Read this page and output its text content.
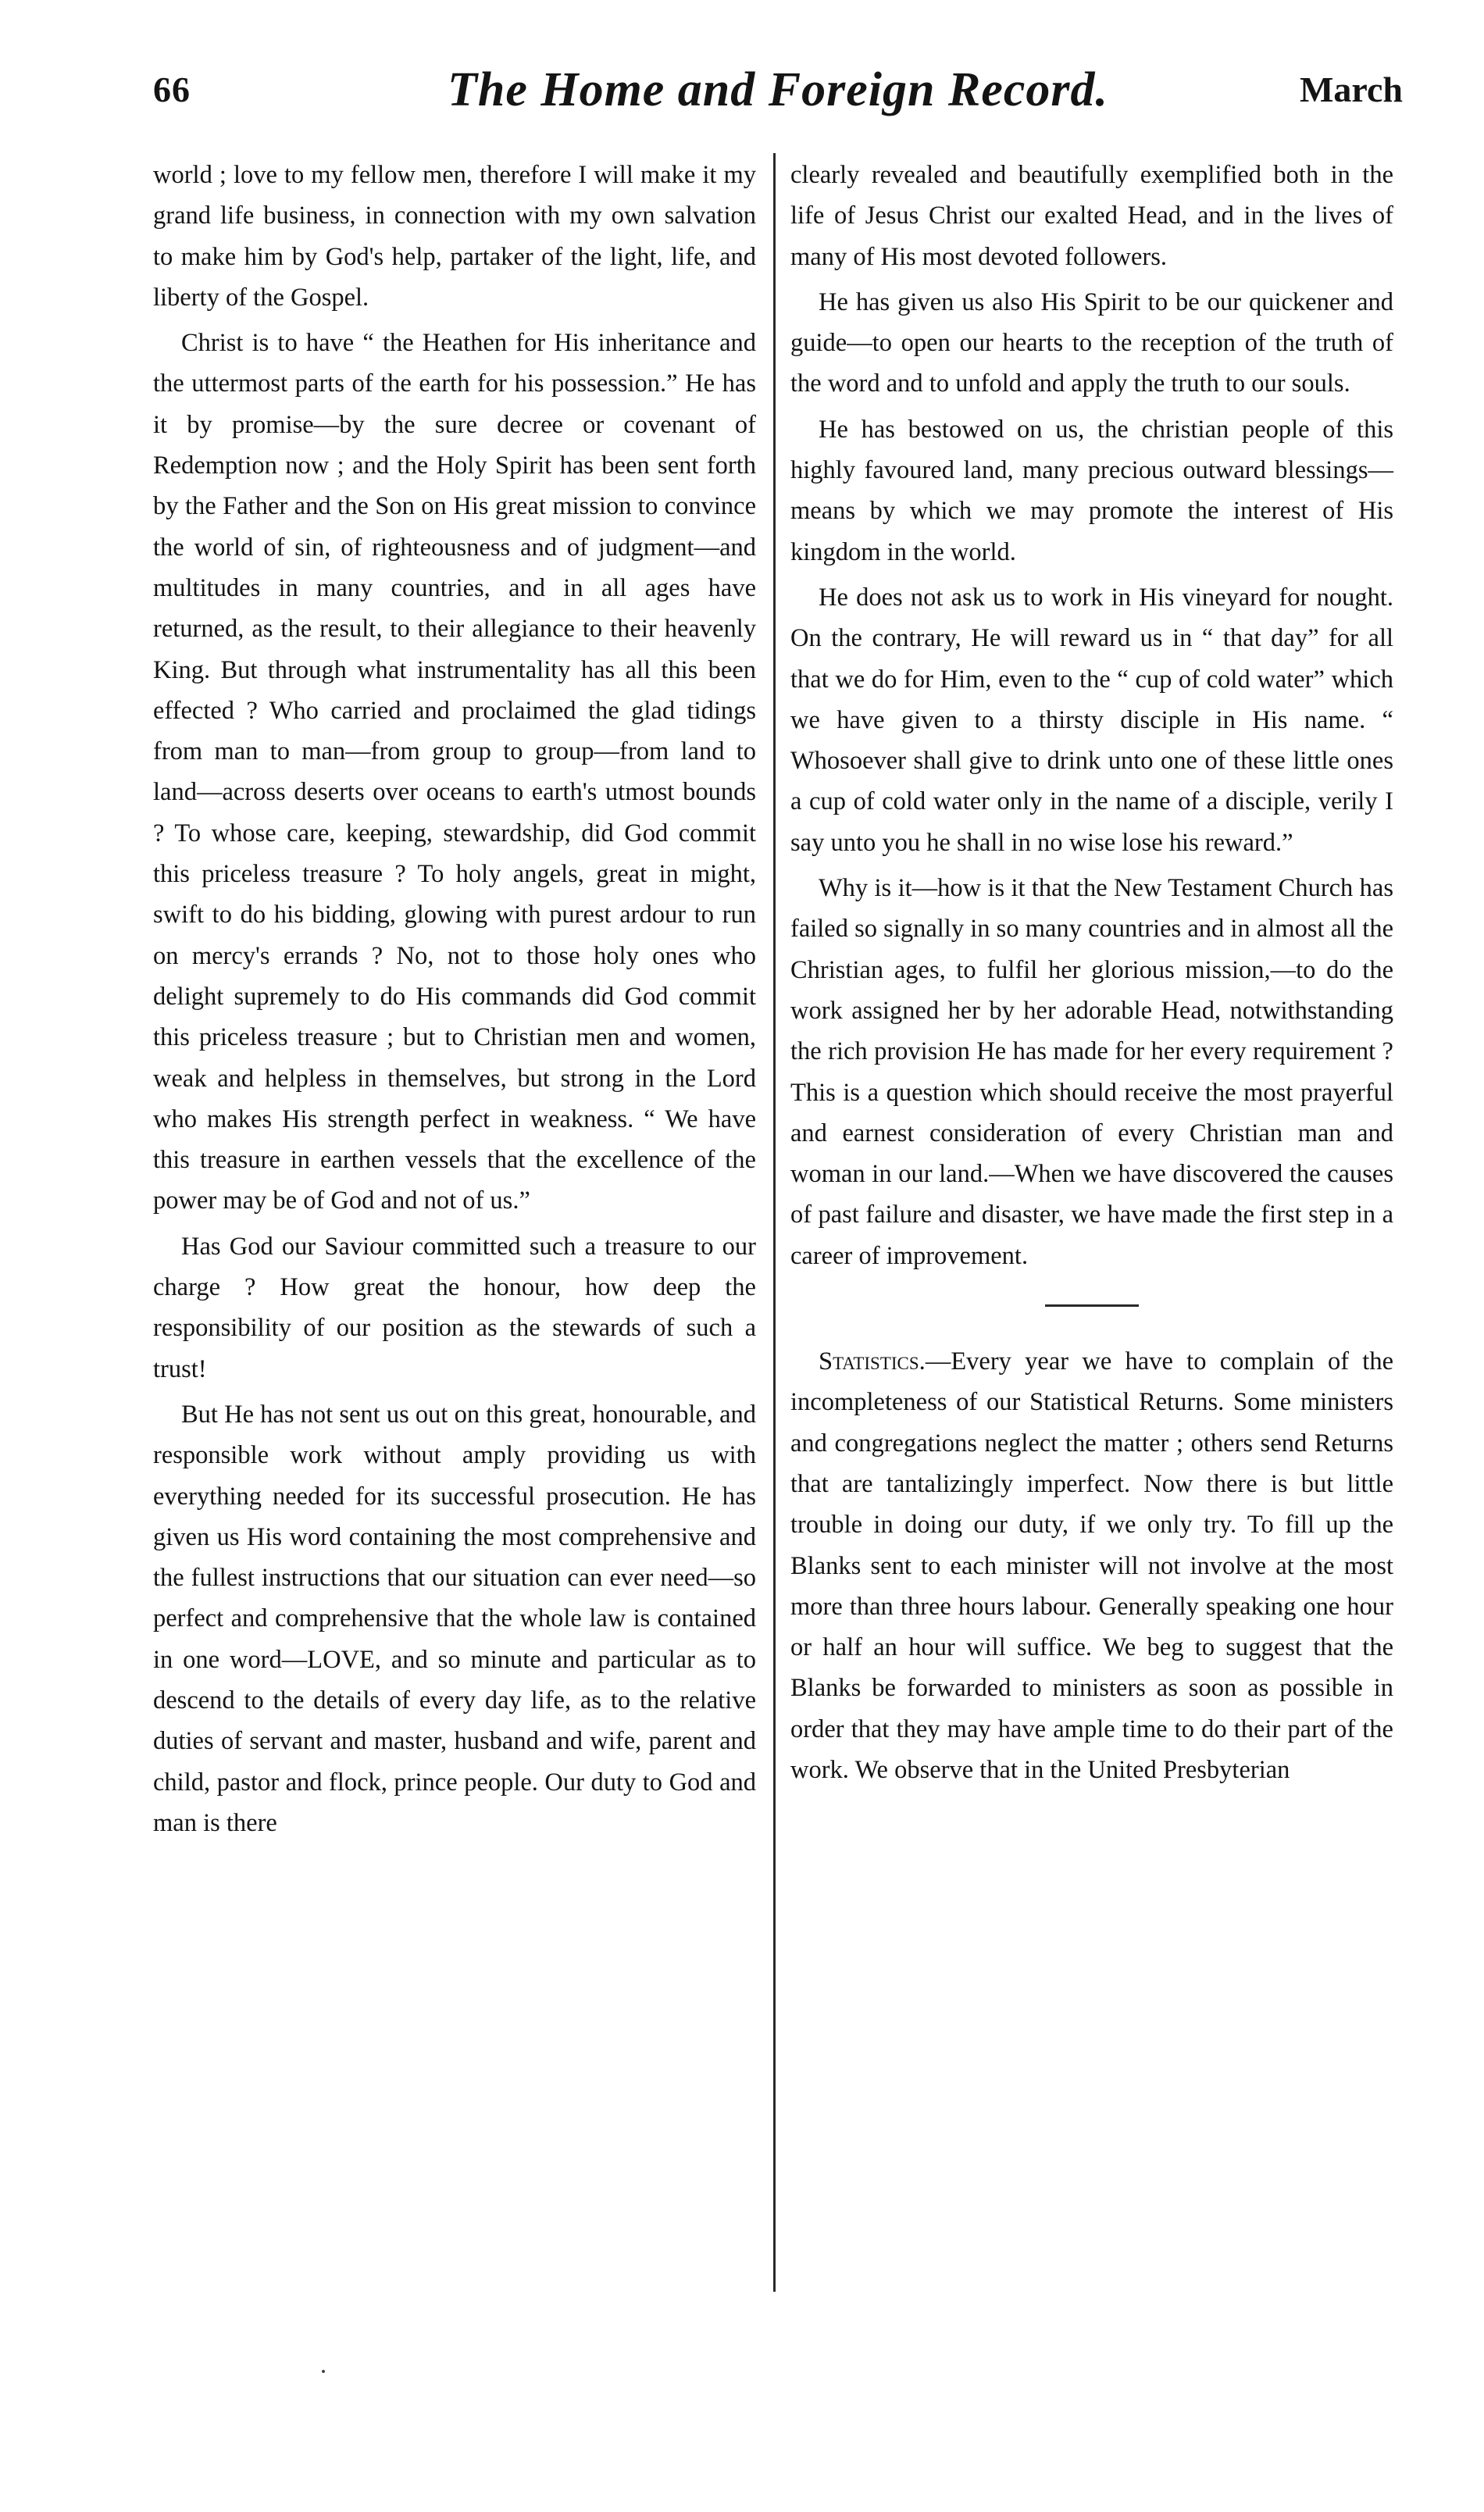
66	The Home and Foreign Record.	March

world ; love to my fellow men, therefore I will make it my grand life business, in connection with my own salvation to make him by God's help, partaker of the light, life, and liberty of the Gospel.

Christ is to have “ the Heathen for His inheritance and the uttermost parts of the earth for his possession.” He has it by promise—by the sure decree or covenant of Redemption now ; and the Holy Spirit has been sent forth by the Father and the Son on His great mission to convince the world of sin, of righteousness and of judgment—and multitudes in many countries, and in all ages have returned, as the result, to their allegiance to their heavenly King. But through what instrumentality has all this been effected ? Who carried and proclaimed the glad tidings from man to man—from group to group—from land to land—across deserts over oceans to earth's utmost bounds ? To whose care, keeping, stewardship, did God commit this priceless treasure ? To holy angels, great in might, swift to do his bidding, glowing with purest ardour to run on mercy's errands ? No, not to those holy ones who delight supremely to do His commands did God commit this priceless treasure ; but to Christian men and women, weak and helpless in themselves, but strong in the Lord who makes His strength perfect in weakness. “ We have this treasure in earthen vessels that the excellence of the power may be of God and not of us.”

Has God our Saviour committed such a treasure to our charge ? How great the honour, how deep the responsibility of our position as the stewards of such a trust!

But He has not sent us out on this great, honourable, and responsible work without amply providing us with everything needed for its successful prosecution. He has given us His word containing the most comprehensive and the fullest instructions that our situation can ever need—so perfect and comprehensive that the whole law is contained in one word—LOVE, and so minute and particular as to descend to the details of every day life, as to the relative duties of servant and master, husband and wife, parent and child, pastor and flock, prince people. Our duty to God and man is there

clearly revealed and beautifully exemplified both in the life of Jesus Christ our exalted Head, and in the lives of many of His most devoted followers.

He has given us also His Spirit to be our quickener and guide—to open our hearts to the reception of the truth of the word and to unfold and apply the truth to our souls.

He has bestowed on us, the christian people of this highly favoured land, many precious outward blessings—means by which we may promote the interest of His kingdom in the world.

He does not ask us to work in His vineyard for nought. On the contrary, He will reward us in “ that day” for all that we do for Him, even to the “ cup of cold water” which we have given to a thirsty disciple in His name. “ Whosoever shall give to drink unto one of these little ones a cup of cold water only in the name of a disciple, verily I say unto you he shall in no wise lose his reward.”

Why is it—how is it that the New Testament Church has failed so signally in so many countries and in almost all the Christian ages, to fulfil her glorious mission,—to do the work assigned her by her adorable Head, notwithstanding the rich provision He has made for her every requirement ? This is a question which should receive the most prayerful and earnest consideration of every Christian man and woman in our land.—When we have discovered the causes of past failure and disaster, we have made the first step in a career of improvement.

Statistics.—Every year we have to complain of the incompleteness of our Statistical Returns. Some ministers and congregations neglect the matter ; others send Returns that are tantalizingly imperfect. Now there is but little trouble in doing our duty, if we only try. To fill up the Blanks sent to each minister will not involve at the most more than three hours labour. Generally speaking one hour or half an hour will suffice. We beg to suggest that the Blanks be forwarded to ministers as soon as possible in order that they may have ample time to do their part of the work. We observe that in the United Presbyterian
